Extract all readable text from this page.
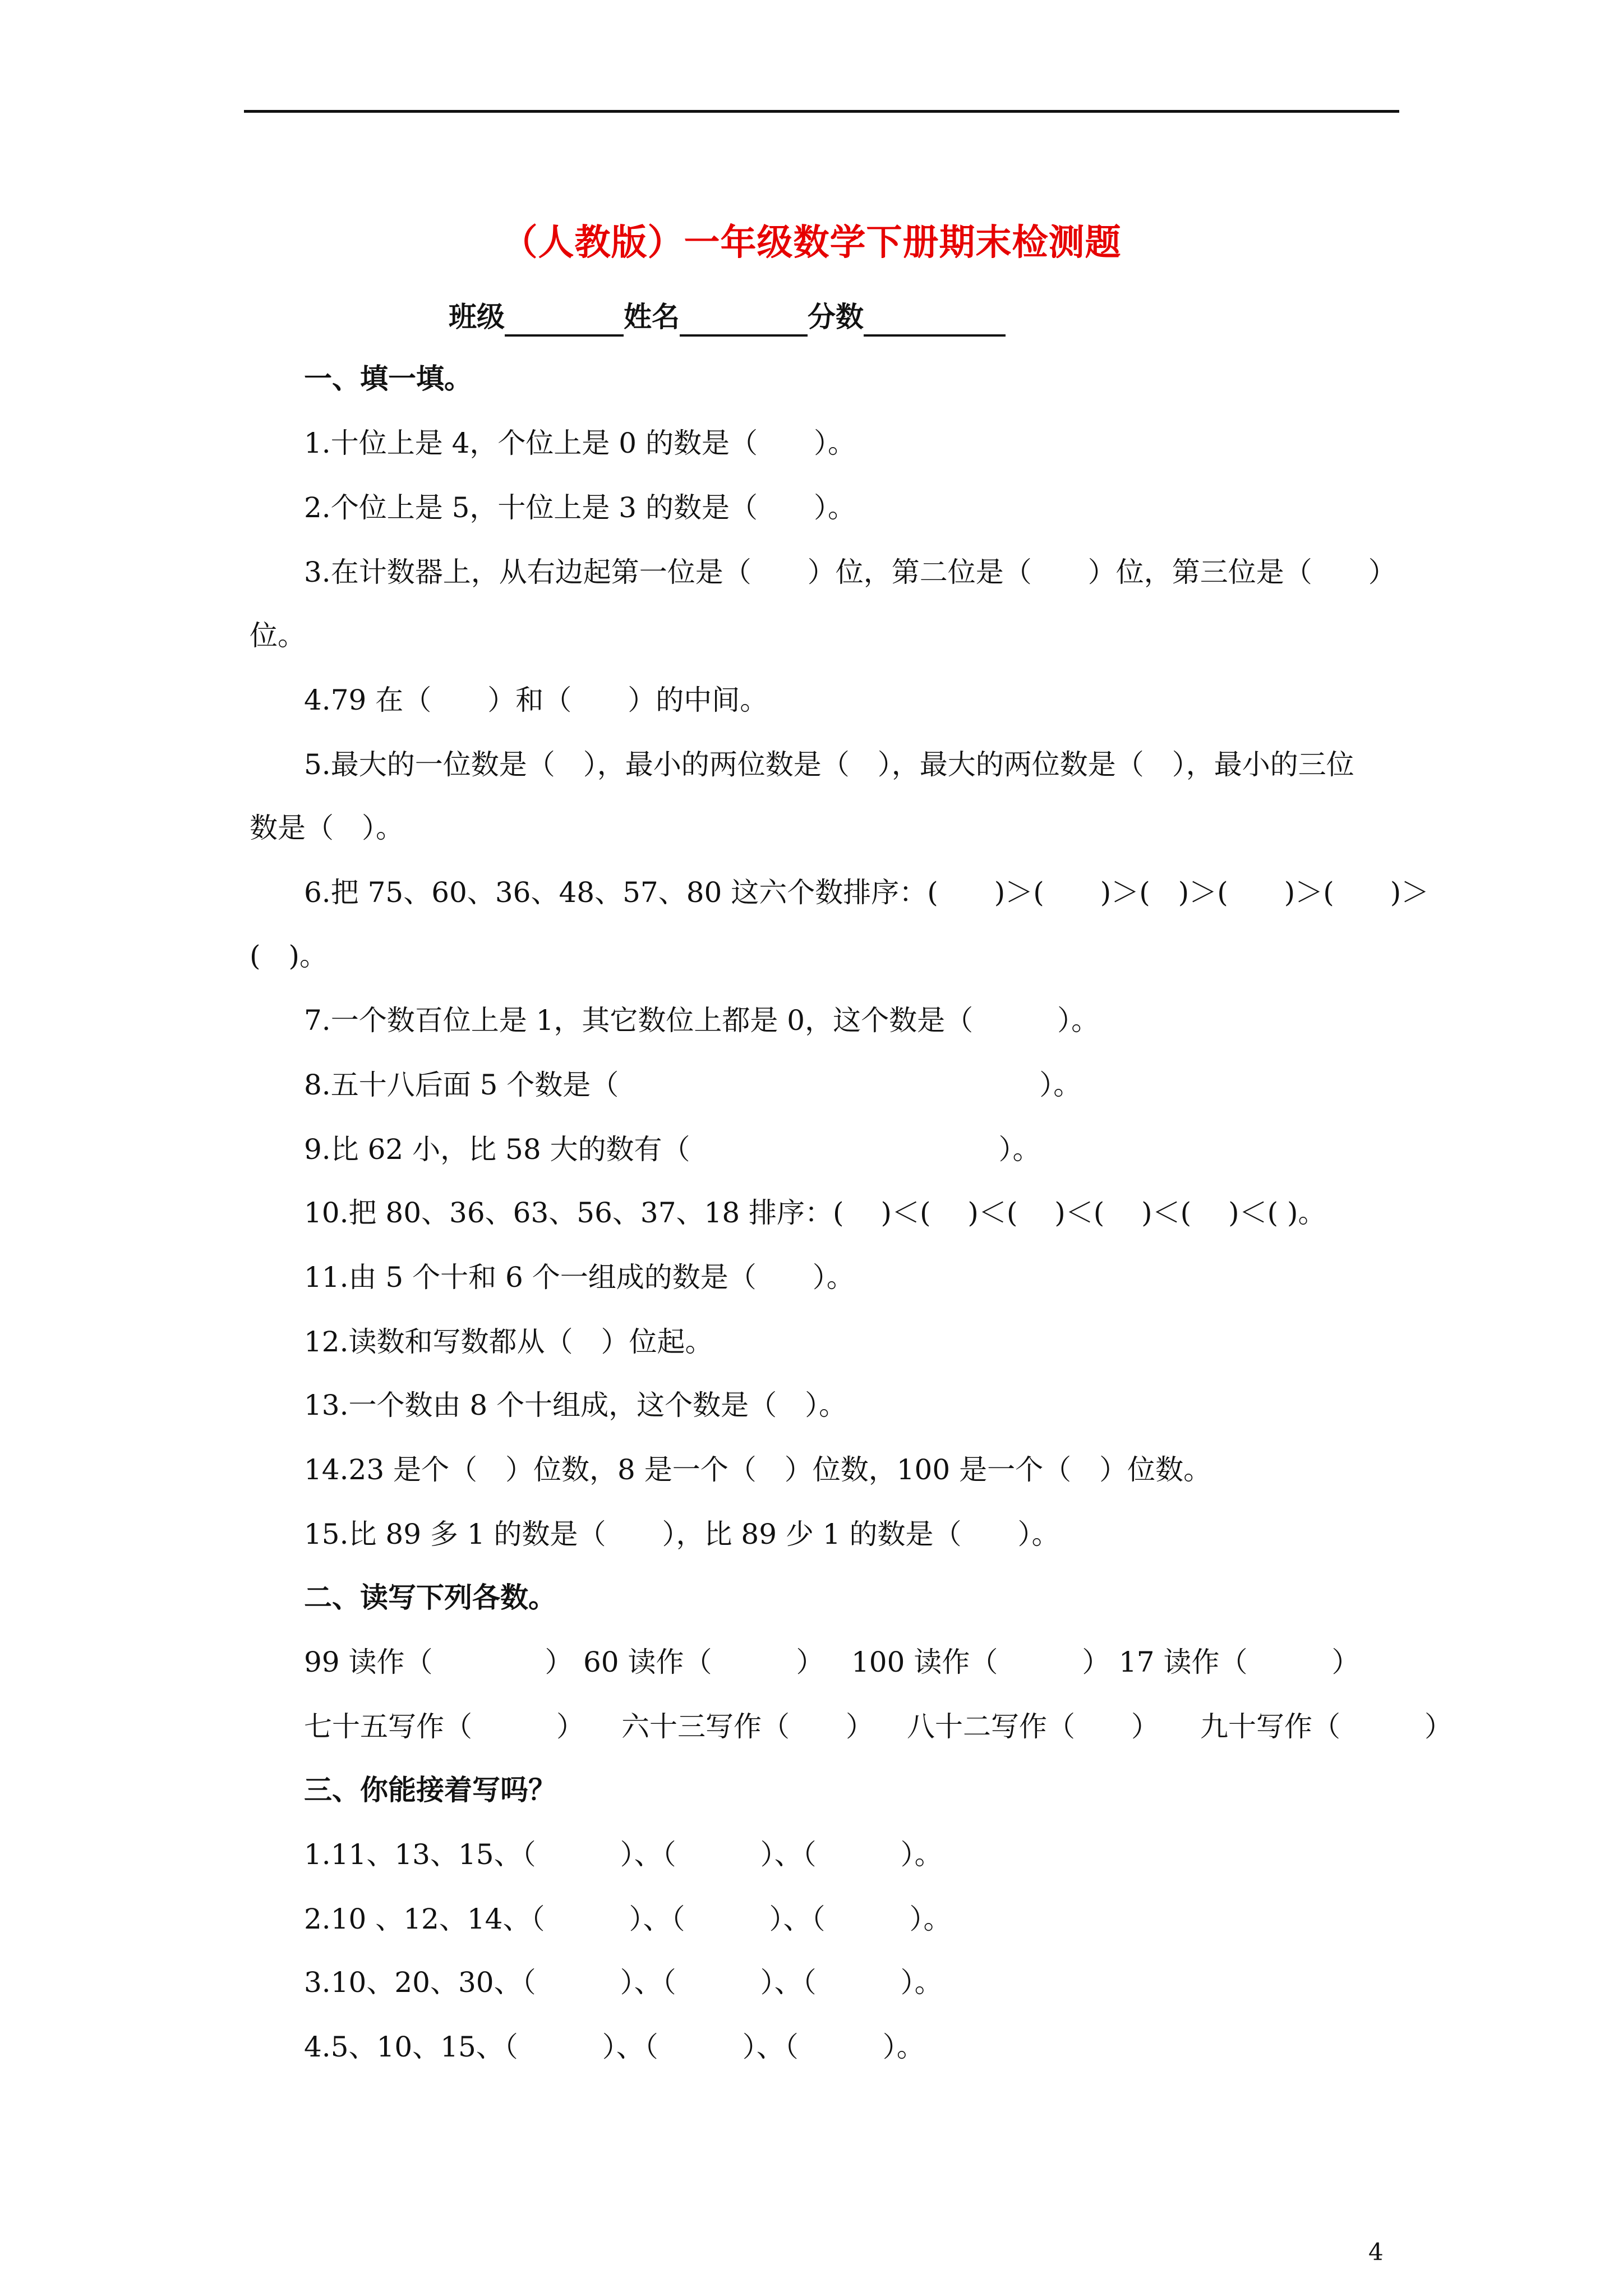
（人教版）一年级数学下册期末检测题
班级	姓名	分数
一、填一填。
1.十位上是 4，个位上是 0 的数是（　　）。
2.个位上是 5，十位上是 3 的数是（　　）。
3.在计数器上，从右边起第一位是（　　）位，第二位是（　　）位，第三位是（　　）
位。
4.79 在（　　）和（　　）的中间。
5.最大的一位数是（　），最小的两位数是（　），最大的两位数是（　），最小的三位
数是（　）。
6.把 75、60、36、48、57、80 这六个数排序：(　　)＞(　　)＞(　)＞(　　)＞(　　)＞
(　)。
7.一个数百位上是 1，其它数位上都是 0，这个数是（　　　）。
8.五十八后面 5 个数是（　　　　　　　　　　　　　　　）。
9.比 62 小，比 58 大的数有（　　　　　　　　　　　）。
10.把 80、36、63、56、37、18 排序：(　 )＜(　 )＜(　 )＜(　 )＜(　 )＜( )。
11.由 5 个十和 6 个一组成的数是（　　）。
12.读数和写数都从（　）位起。
13.一个数由 8 个十组成，这个数是（　）。
14.23 是个（　）位数，8 是一个（　）位数，100 是一个（　）位数。
15.比 89 多 1 的数是（　　），比 89 少 1 的数是（　　）。
二、读写下列各数。
99 读作（　　　　） 60 读作（　　　） 100 读作（　　　） 17 读作（　　　）
七十五写作（　　　） 六十三写作（　　） 八十二写作（　　） 九十写作（　　　）
三、你能接着写吗？
1.11、13、15、（　　　）、（　　　）、（　　　）。
2.10 、12、14、（　　　）、（　　　）、（　　　）。
3.10、20、30、（　　　）、（　　　）、（　　　）。
4.5、10、15、（　　　）、（　　　）、（　　　）。
4
